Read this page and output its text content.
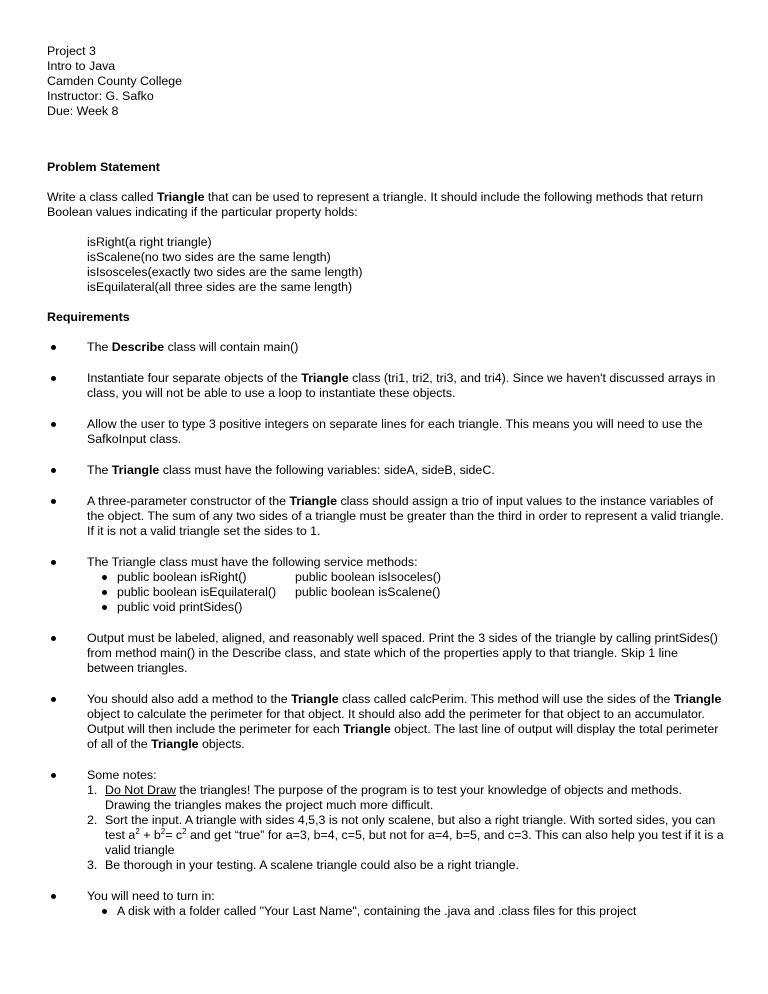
Project 3
Intro to Java
Camden County College
Instructor: G. Safko
Due: Week 8
Problem Statement

Write a class called Triangle that can be used to represent a triangle. It should include the following methods that return Boolean values indicating if the particular property holds:

isRight(a right triangle)
isScalene(no two sides are the same length)
isIsosceles(exactly two sides are the same length)
isEquilateral(all three sides are the same length)
Requirements
The Describe class will contain main()
Instantiate four separate objects of the Triangle class (tri1, tri2, tri3, and tri4). Since we haven't discussed arrays in class, you will not be able to use a loop to instantiate these objects.
Allow the user to type 3 positive integers on separate lines for each triangle. This means you will need to use the SafkoInput class.
The Triangle class must have the following variables: sideA, sideB, sideC.
A three-parameter constructor of the Triangle class should assign a trio of input values to the instance variables of the object. The sum of any two sides of a triangle must be greater than the third in order to represent a valid triangle. If it is not a valid triangle set the sides to 1.
The Triangle class must have the following service methods:
public boolean isRight()	public boolean isIsoceles()
public boolean isEquilateral() public boolean isScalene()
public void printSides()
Output must be labeled, aligned, and reasonably well spaced. Print the 3 sides of the triangle by calling printSides() from method main() in the Describe class, and state which of the properties apply to that triangle. Skip 1 line between triangles.
You should also add a method to the Triangle class called calcPerim. This method will use the sides of the Triangle object to calculate the perimeter for that object. It should also add the perimeter for that object to an accumulator. Output will then include the perimeter for each Triangle object. The last line of output will display the total perimeter of all of the Triangle objects.
Some notes:
1. Do Not Draw the triangles! The purpose of the program is to test your knowledge of objects and methods. Drawing the triangles makes the project much more difficult.
2. Sort the input. A triangle with sides 4,5,3 is not only scalene, but also a right triangle. With sorted sides, you can test $a^2 + b^2= c^2$ and get “true” for a=3, b=4, c=5, but not for a=4, b=5, and c=3. This can also help you test if it is a valid triangle
3. Be thorough in your testing. A scalene triangle could also be a right triangle.
You will need to turn in:
A disk with a folder called "Your Last Name", containing the .java and .class files for this project
